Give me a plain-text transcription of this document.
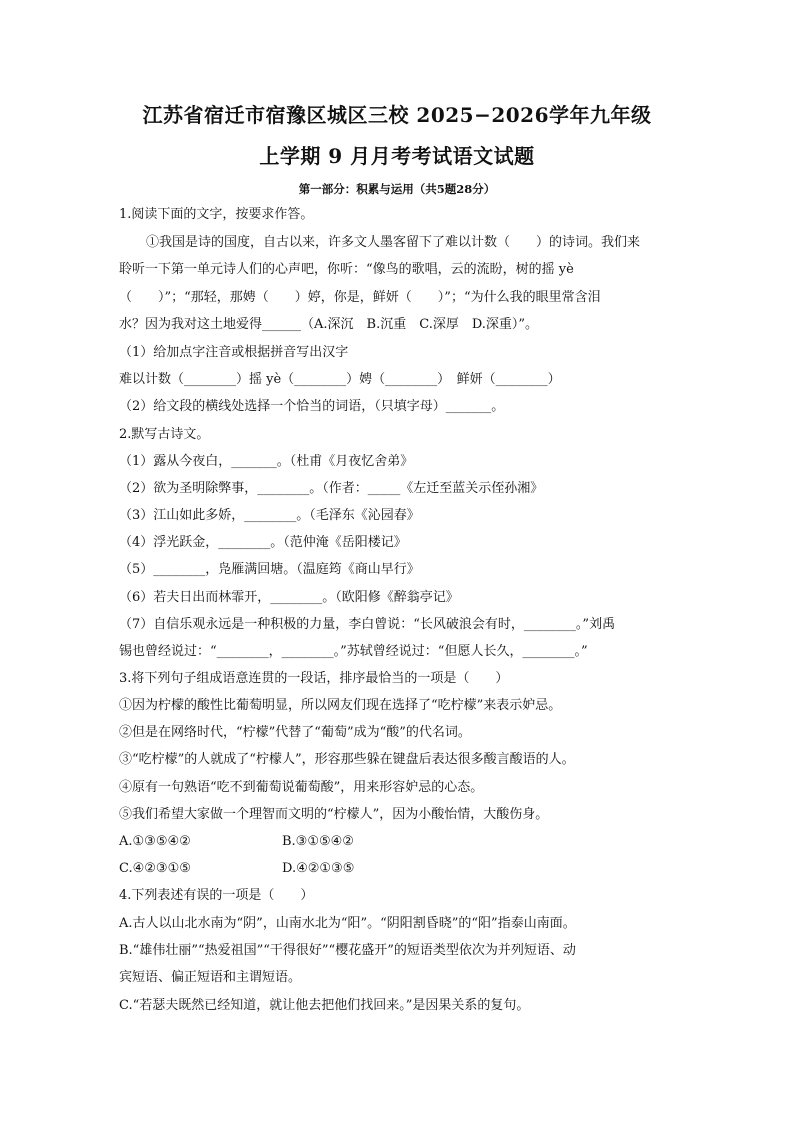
江苏省宿迁市宿豫区城区三校 2025−2026学年九年级
上学期 9 月月考考试语文试题
第一部分：积累与运用（共5题28分）
1.阅读下面的文字，按要求作答。
①我国是诗的国度，自古以来，许多文人墨客留下了难以计数（　　）的诗词。我们来
聆听一下第一单元诗人们的心声吧，你听：“像鸟的歌唱，云的流盼，树的摇 yè
（　　）”；“那轻，那娉（　　）婷，你是，鲜妍（　　）”；“为什么我的眼里常含泪
水？因为我对这土地爱得______（A.深沉　B.沉重　C.深厚　D.深重）”。
（1）给加点字注音或根据拼音写出汉字
难以计数（________）摇 yè（________）娉（________）　鲜妍（________）
（2）给文段的横线处选择一个恰当的词语，（只填字母）_______。
2.默写古诗文。
（1）露从今夜白，_______。（杜甫《月夜忆舍弟》
（2）欲为圣明除弊事，________。（作者：_____《左迁至蓝关示侄孙湘》
（3）江山如此多娇，________。（毛泽东《沁园春》
（4）浮光跃金，________。（范仲淹《岳阳楼记》
（5）________，凫雁满回塘。（温庭筠《商山早行》
（6）若夫日出而林霏开，________。（欧阳修《醉翁亭记》
（7）自信乐观永远是一种积极的力量，李白曾说：“长风破浪会有时，________。”刘禹
锡也曾经说过：“________，________。”苏轼曾经说过：“但愿人长久，________。”
3.将下列句子组成语意连贯的一段话，排序最恰当的一项是（　　）
①因为柠檬的酸性比葡萄明显，所以网友们现在选择了“吃柠檬”来表示妒忌。
②但是在网络时代，“柠檬”代替了“葡萄”成为“酸”的代名词。
③“吃柠檬”的人就成了“柠檬人”，形容那些躲在键盘后表达很多酸言酸语的人。
④原有一句熟语“吃不到葡萄说葡萄酸”，用来形容妒忌的心态。
⑤我们希望大家做一个理智而文明的“柠檬人”，因为小酸怡情，大酸伤身。
A.①③⑤④②	B.③①⑤④②
C.④②③①⑤	D.④②①③⑤
4.下列表述有误的一项是（　　）
A.古人以山北水南为“阴”，山南水北为“阳”。“阴阳割昏晓”的“阳”指泰山南面。
B.“雄伟壮丽”“热爱祖国”“干得很好”“樱花盛开”的短语类型依次为并列短语、动
宾短语、偏正短语和主谓短语。
C.“若瑟夫既然已经知道，就让他去把他们找回来。”是因果关系的复句。
